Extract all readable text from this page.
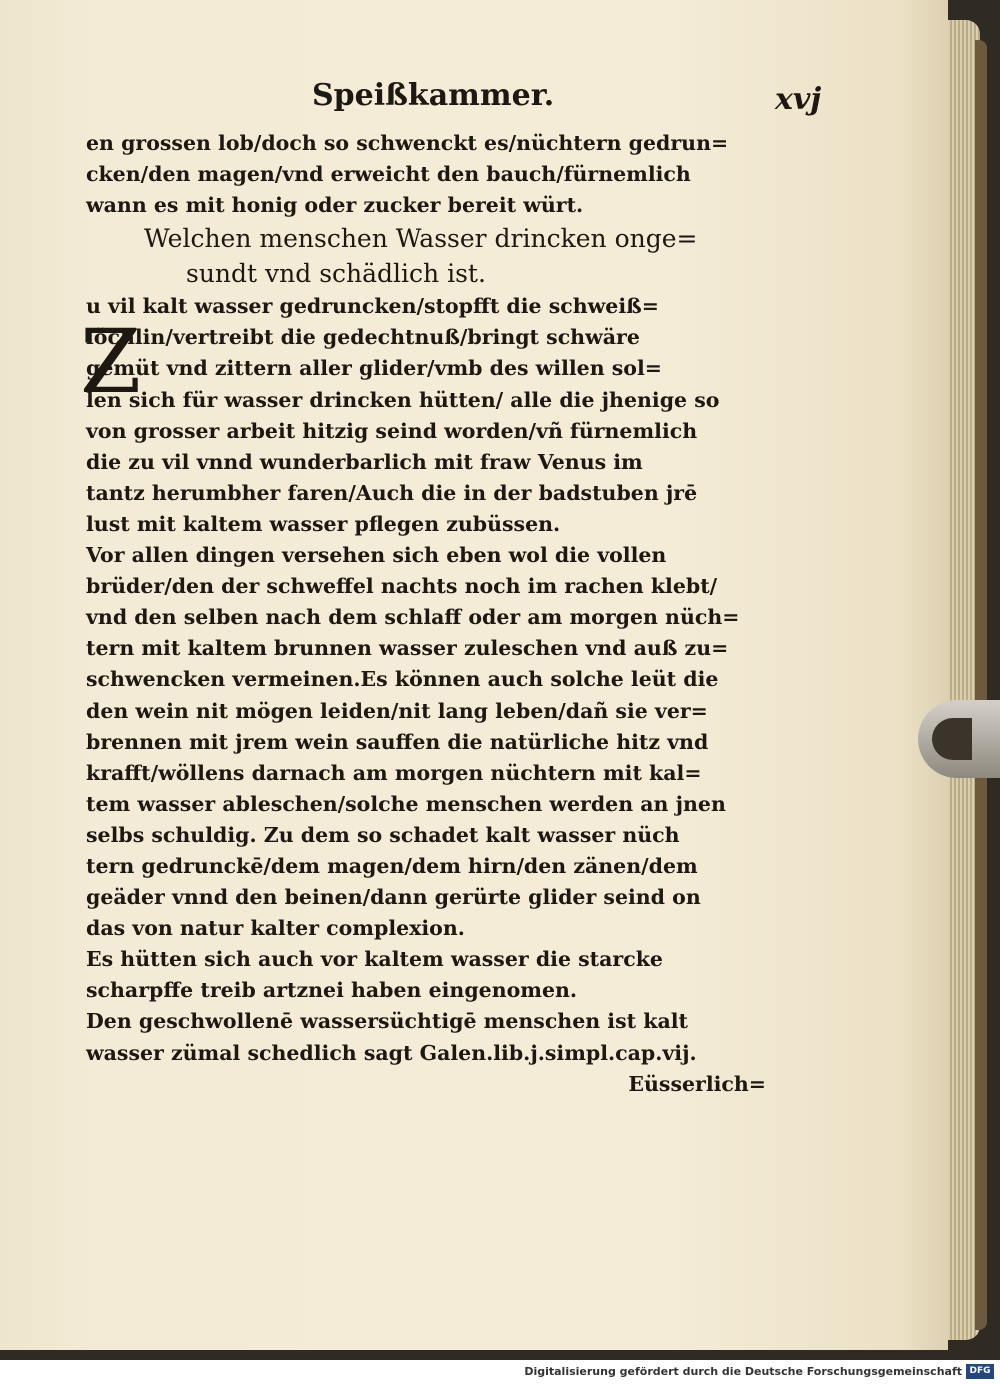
Speißkammer.	xvj
Z
en grossen lob/doch so schwenckt es/nüchtern gedrun=
cken/den magen/vnd erweicht den bauch/fürnemlich
wann es mit honig oder zucker bereit würt.
Welchen menschen Wasser drincken onge=
sundt vnd schädlich ist.
u vil kalt wasser gedruncken/stopfft die schweiß=
löchlin/vertreibt die gedechtnuß/bringt schwäre
gemüt vnd zittern aller glider/vmb des willen sol=
len sich für wasser drincken hütten/ alle die jhenige so
von grosser arbeit hitzig seind worden/vñ fürnemlich
die zu vil vnnd wunderbarlich mit fraw Venus im
tantz herumbher faren/Auch die in der badstuben jrē
lust mit kaltem wasser pflegen zubüssen.
Vor allen dingen versehen sich eben wol die vollen
brüder/den der schweffel nachts noch im rachen klebt/
vnd den selben nach dem schlaff oder am morgen nüch=
tern mit kaltem brunnen wasser zuleschen vnd auß zu=
schwencken vermeinen.Es können auch solche leüt die
den wein nit mögen leiden/nit lang leben/dañ sie ver=
brennen mit jrem wein sauffen die natürliche hitz vnd
krafft/wöllens darnach am morgen nüchtern mit kal=
tem wasser ableschen/solche menschen werden an jnen
selbs schuldig. Zu dem so schadet kalt wasser nüch
tern gedrunckē/dem magen/dem hirn/den zänen/dem
geäder vnnd den beinen/dann gerürte glider seind on
das von natur kalter complexion.
Es hütten sich auch vor kaltem wasser die starcke
scharpffe treib artznei haben eingenomen.
Den geschwollenē wassersüchtigē menschen ist kalt
wasser zümal schedlich sagt Galen.lib.j.simpl.cap.vij.
Eüsserlich=
Digitalisierung gefördert durch die Deutsche Forschungsgemeinschaft DFG
